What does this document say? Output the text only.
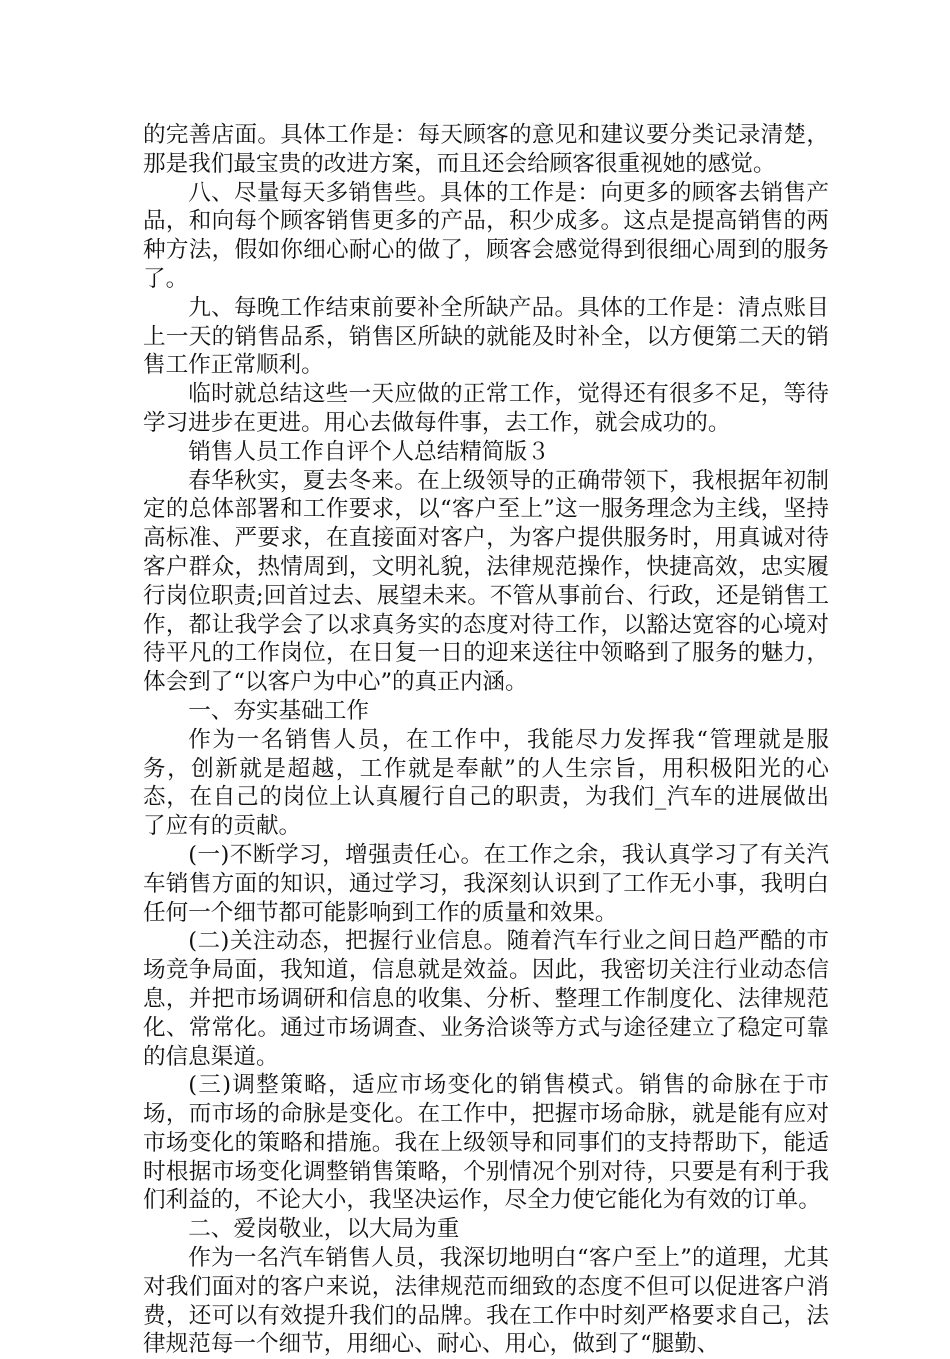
的完善店面。具体工作是：每天顾客的意见和建议要分类记录清楚，那是我们最宝贵的改进方案，而且还会给顾客很重视她的感觉。

八、尽量每天多销售些。具体的工作是：向更多的顾客去销售产品，和向每个顾客销售更多的产品，积少成多。这点是提高销售的两种方法，假如你细心耐心的做了，顾客会感觉得到很细心周到的服务了。

九、每晚工作结束前要补全所缺产品。具体的工作是：清点账目上一天的销售品系，销售区所缺的就能及时补全，以方便第二天的销售工作正常顺利。

临时就总结这些一天应做的正常工作，觉得还有很多不足，等待学习进步在更进。用心去做每件事，去工作，就会成功的。

销售人员工作自评个人总结精简版３

春华秋实，夏去冬来。在上级领导的正确带领下，我根据年初制定的总体部署和工作要求，以“客户至上”这一服务理念为主线，坚持高标准、严要求，在直接面对客户，为客户提供服务时，用真诚对待客户群众，热情周到，文明礼貌，法律规范操作，快捷高效，忠实履行岗位职责;回首过去、展望未来。不管从事前台、行政，还是销售工作，都让我学会了以求真务实的态度对待工作，以豁达宽容的心境对待平凡的工作岗位，在日复一日的迎来送往中领略到了服务的魅力，体会到了“以客户为中心”的真正内涵。

一、夯实基础工作

作为一名销售人员，在工作中，我能尽力发挥我“管理就是服务，创新就是超越，工作就是奉献”的人生宗旨，用积极阳光的心态，在自己的岗位上认真履行自己的职责，为我们_汽车的进展做出了应有的贡献。

(一)不断学习，增强责任心。在工作之余，我认真学习了有关汽车销售方面的知识，通过学习，我深刻认识到了工作无小事，我明白任何一个细节都可能影响到工作的质量和效果。

(二)关注动态，把握行业信息。随着汽车行业之间日趋严酷的市场竞争局面，我知道，信息就是效益。因此，我密切关注行业动态信息，并把市场调研和信息的收集、分析、整理工作制度化、法律规范化、常常化。通过市场调查、业务洽谈等方式与途径建立了稳定可靠的信息渠道。

(三)调整策略，适应市场变化的销售模式。销售的命脉在于市场，而市场的命脉是变化。在工作中，把握市场命脉，就是能有应对市场变化的策略和措施。我在上级领导和同事们的支持帮助下，能适时根据市场变化调整销售策略，个别情况个别对待，只要是有利于我们利益的，不论大小，我坚决运作，尽全力使它能化为有效的订单。

二、爱岗敬业，以大局为重

作为一名汽车销售人员，我深切地明白“客户至上”的道理，尤其对我们面对的客户来说，法律规范而细致的态度不但可以促进客户消费，还可以有效提升我们的品牌。我在工作中时刻严格要求自己，法律规范每一个细节，用细心、耐心、用心，做到了“腿勤、
